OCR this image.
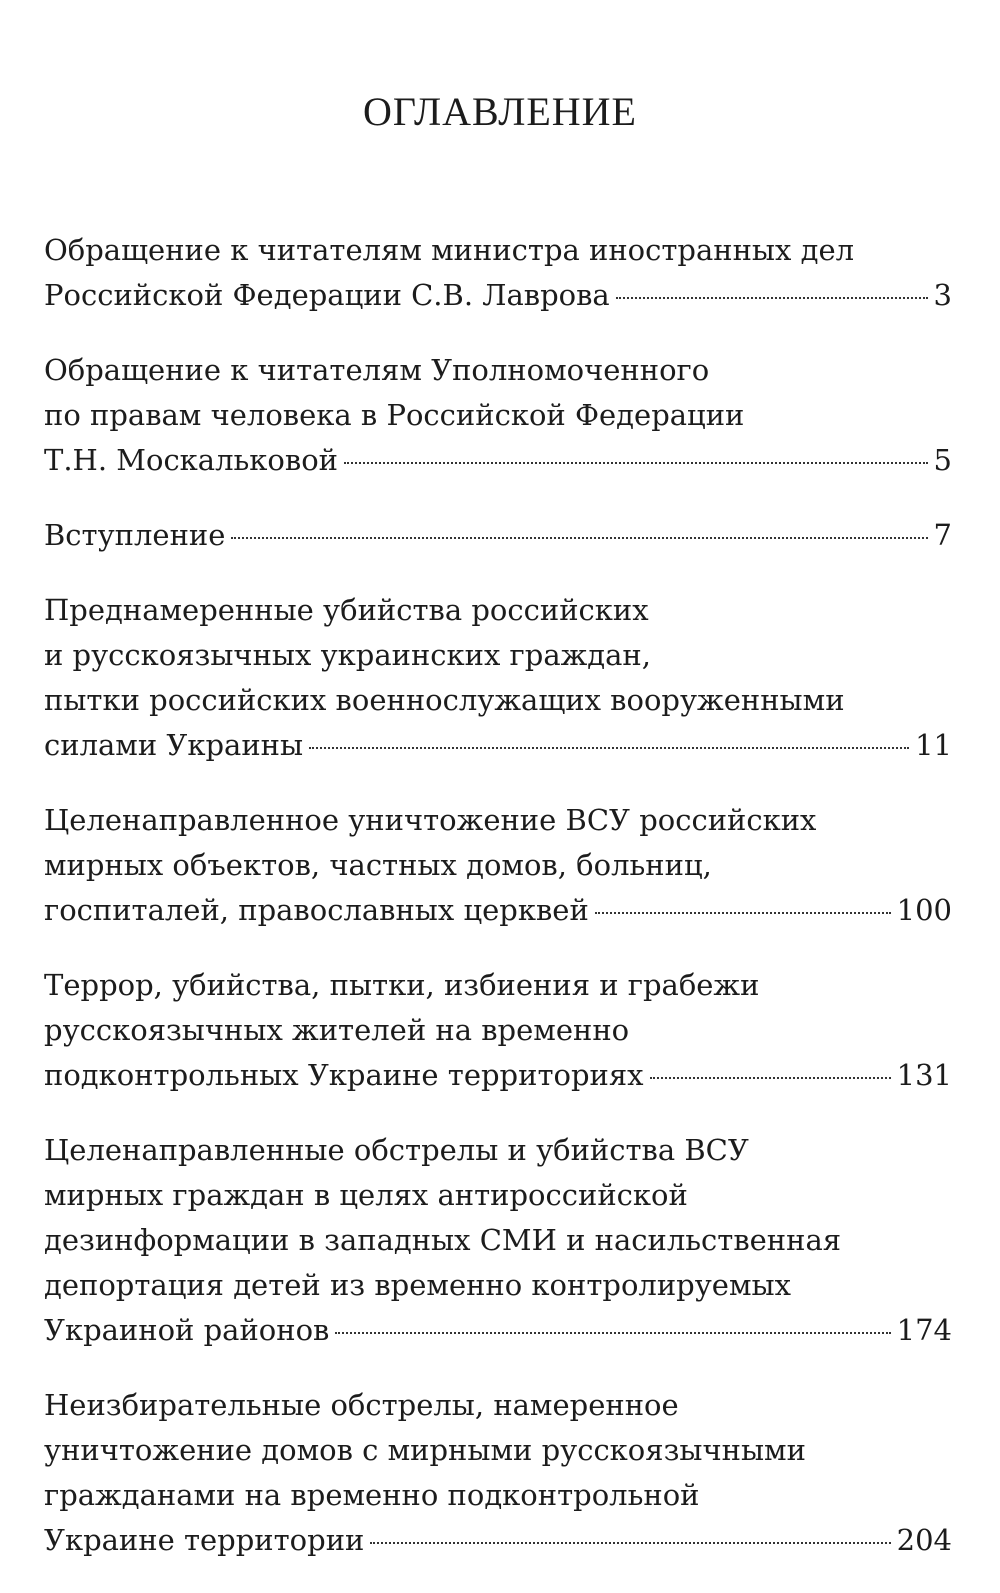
ОГЛАВЛЕНИЕ
Обращение к читателям министра иностранных дел
Российской Федерации С.В. Лаврова	3
Обращение к читателям Уполномоченного
по правам человека в Российской Федерации
Т.Н. Москальковой	5
Вступление	7
Преднамеренные убийства российских
и русскоязычных украинских граждан,
пытки российских военнослужащих вооруженными
силами Украины	11
Целенаправленное уничтожение ВСУ российских
мирных объектов, частных домов, больниц,
госпиталей, православных церквей	100
Террор, убийства, пытки, избиения и грабежи
русскоязычных жителей на временно
подконтрольных Украине территориях	131
Целенаправленные обстрелы и убийства ВСУ
мирных граждан в целях антироссийской
дезинформации в западных СМИ и насильственная
депортация детей из временно контролируемых
Украиной районов	174
Неизбирательные обстрелы, намеренное
уничтожение домов с мирными русскоязычными
гражданами на временно подконтрольной
Украине территории	204
